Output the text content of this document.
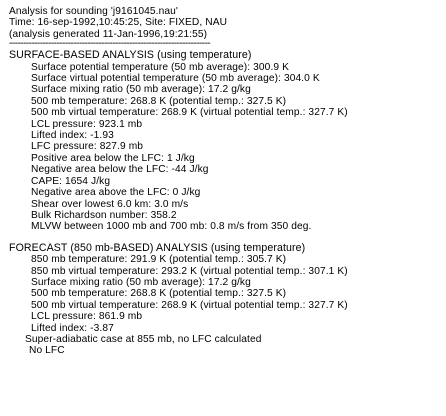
Analysis for sounding 'j9161045.nau'
Time: 16-sep-1992,10:45:25, Site: FIXED, NAU
(analysis generated 11-Jan-1996,19:21:55)
------------------------------------------------------------------------
SURFACE-BASED ANALYSIS (using temperature)
Surface potential temperature (50 mb average): 300.9 K
Surface virtual potential temperature (50 mb average): 304.0 K
Surface mixing ratio (50 mb average): 17.2 g/kg
500 mb temperature: 268.8 K (potential temp.: 327.5 K)
500 mb virtual temperature: 268.9 K (virtual potential temp.: 327.7 K)
LCL pressure: 923.1 mb
Lifted index: -1.93
LFC pressure: 827.9 mb
Positive area below the LFC: 1 J/kg
Negative area below the LFC: -44 J/kg
CAPE: 1654 J/kg
Negative area above the LFC: 0 J/kg
Shear over lowest 6.0 km: 3.0 m/s
Bulk Richardson number: 358.2
MLVW between 1000 mb and 700 mb: 0.8 m/s from 350 deg.
FORECAST (850 mb-BASED) ANALYSIS (using temperature)
850 mb temperature: 291.9 K (potential temp.: 305.7 K)
850 mb virtual temperature: 293.2 K (virtual potential temp.: 307.1 K)
Surface mixing ratio (50 mb average): 17.2 g/kg
500 mb temperature: 268.8 K (potential temp.: 327.5 K)
500 mb virtual temperature: 268.9 K (virtual potential temp.: 327.7 K)
LCL pressure: 861.9 mb
Lifted index: -3.87
Super-adiabatic case at 855 mb, no LFC calculated
No LFC
